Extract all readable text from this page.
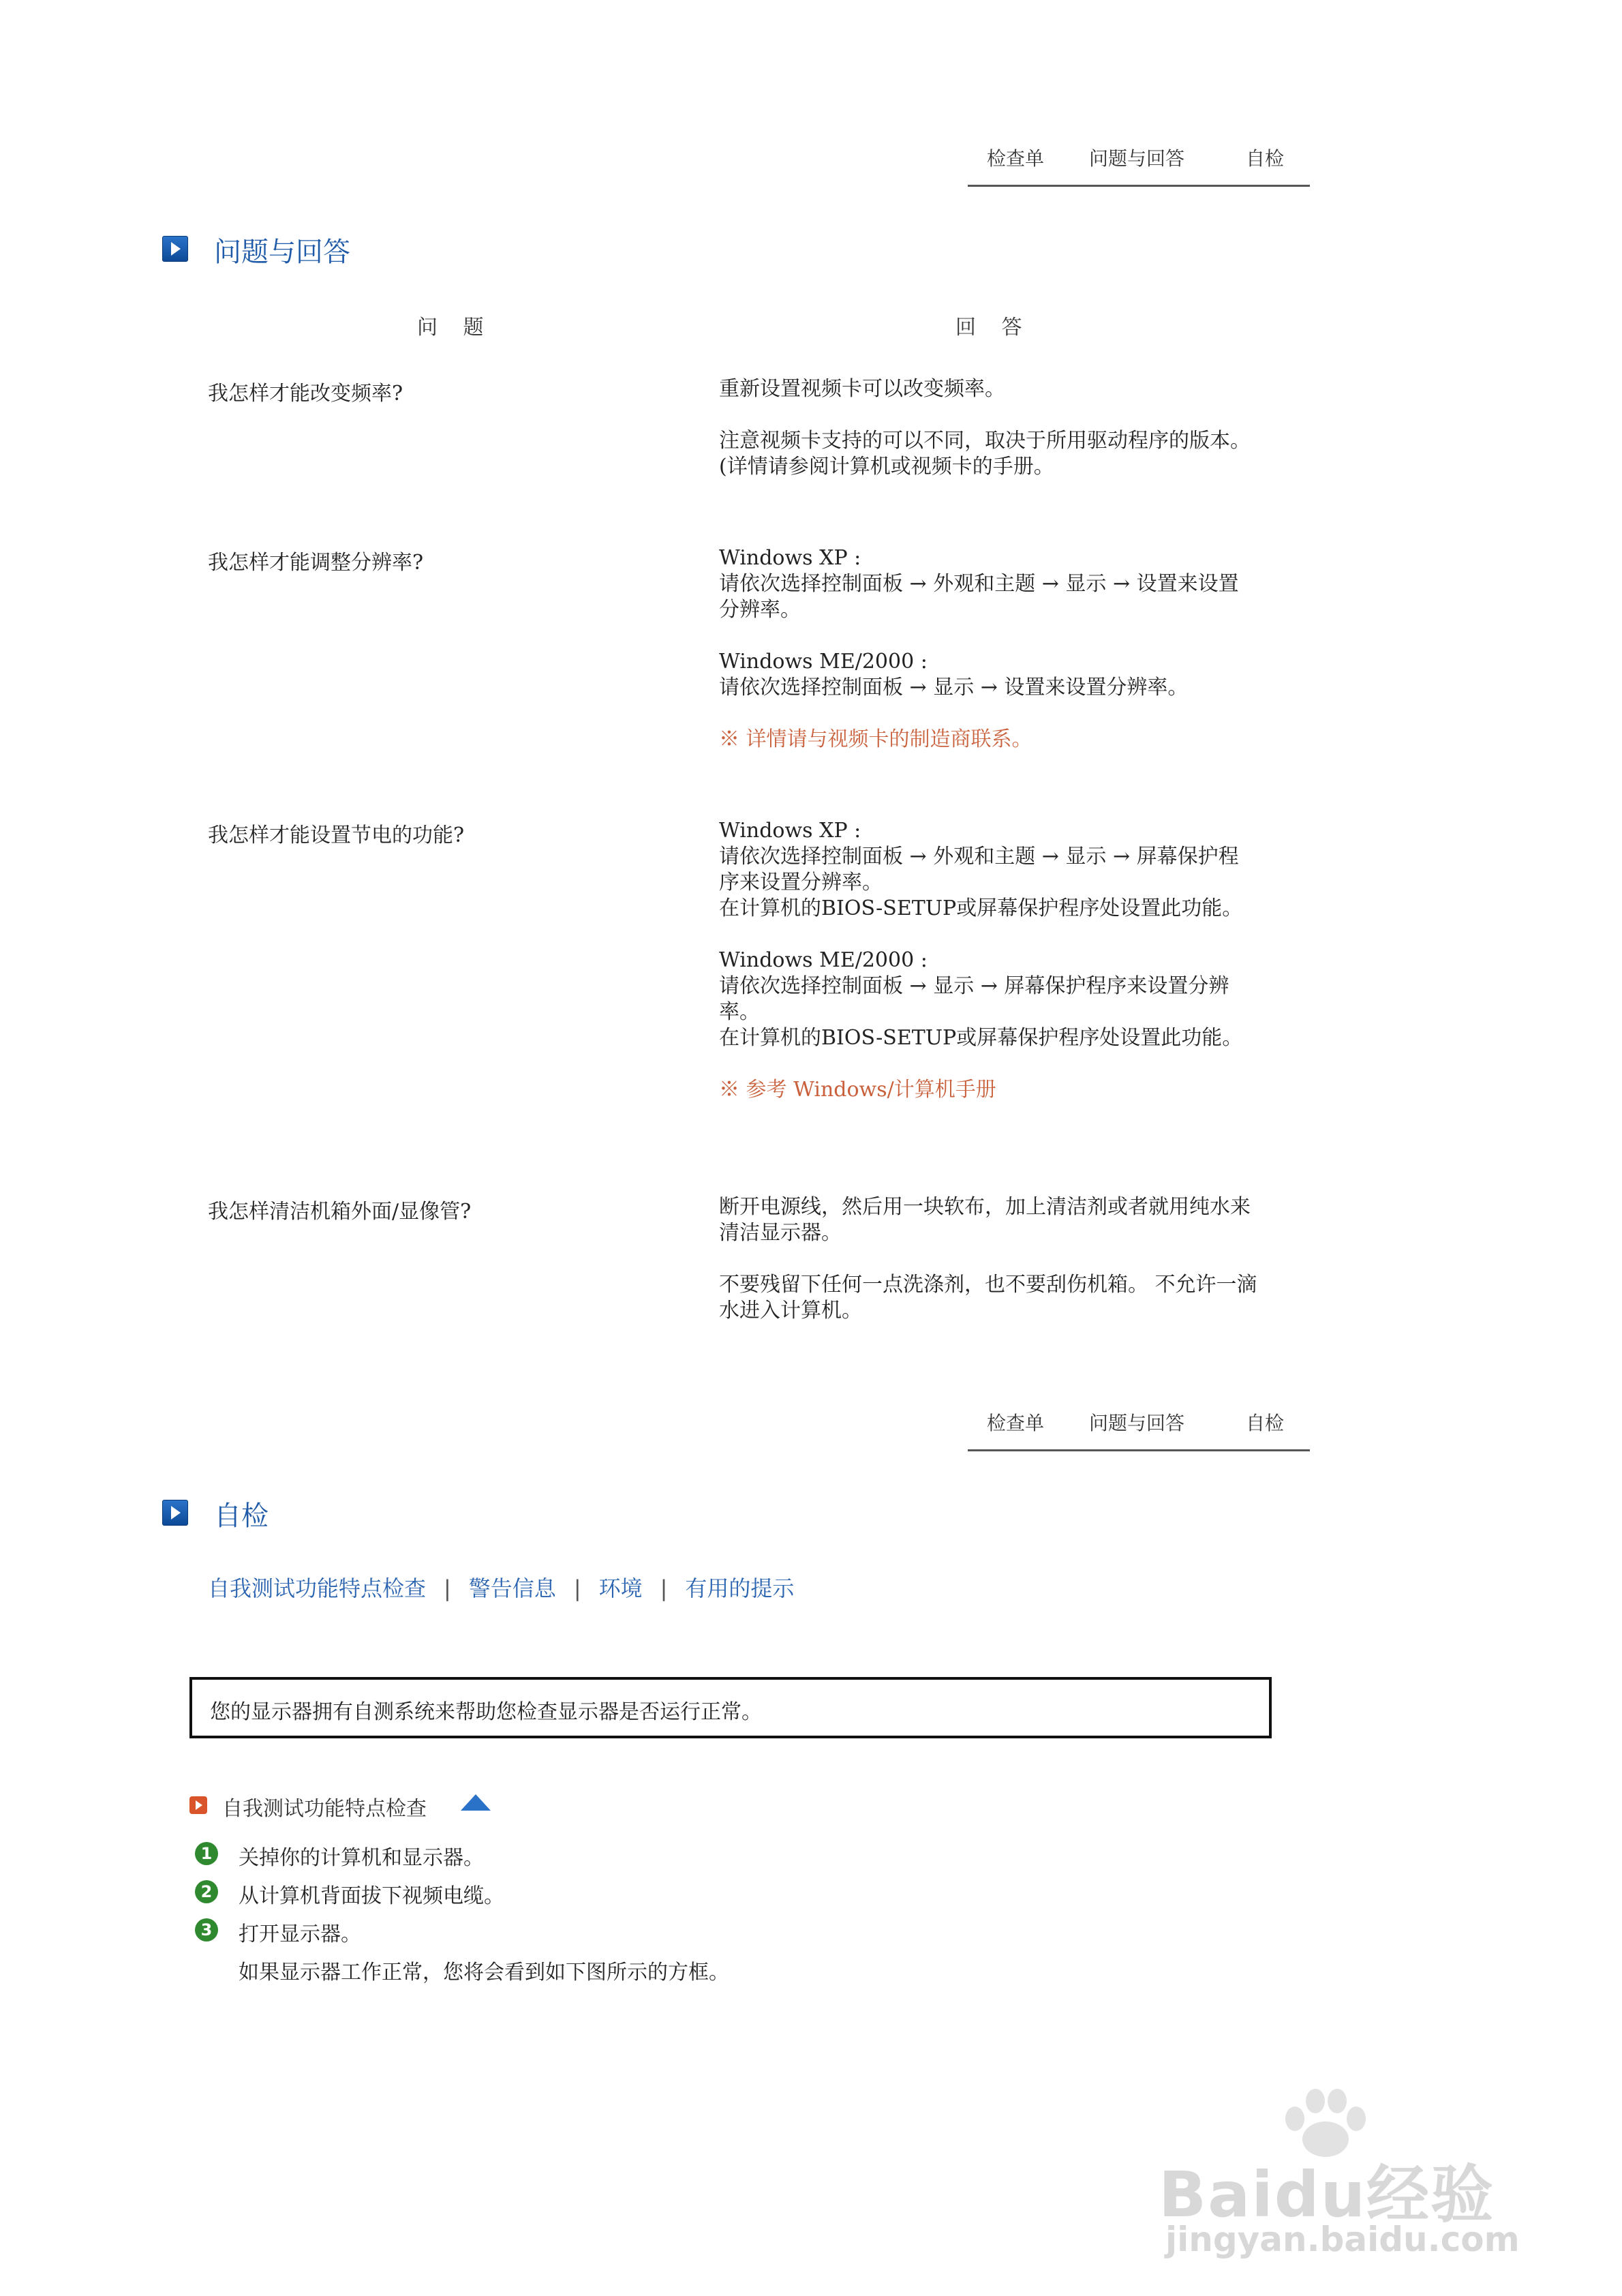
检查单 问题与回答	自检
问题与回答
问 题	回 答
我怎样才能改变频率?	重新设置视频卡可以改变频率。

注意视频卡支持的可以不同，取决于所用驱动程序的版本。

(详情请参阅计算机或视频卡的手册。

我怎样才能调整分辨率?	Windows XP :

请依次选择控制面板 → 外观和主题 → 显示 → 设置来设置分辨率。

Windows ME/2000 :

请依次选择控制面板 → 显示 → 设置来设置分辨率。

※ 详情请与视频卡的制造商联系。

我怎样才能设置节电的功能?	Windows XP :

请依次选择控制面板 → 外观和主题 → 显示 → 屏幕保护程序来设置分辨率。

在计算机的BIOS-SETUP或屏幕保护程序处设置此功能。

Windows ME/2000 :

请依次选择控制面板 → 显示 → 屏幕保护程序来设置分辨率。

在计算机的BIOS-SETUP或屏幕保护程序处设置此功能。

※ 参考 Windows/计算机手册

我怎样清洁机箱外面/显像管?	断开电源线，然后用一块软布，加上清洁剂或者就用纯水来清洁显示器。

不要残留下任何一点洗涤剂，也不要刮伤机箱。 不允许一滴水进入计算机。

检查单 问题与回答	自检
自检
自我测试功能特点检查 | 警告信息 | 环境 | 有用的提示
您的显示器拥有自测系统来帮助您检查显示器是否运行正常。
自我测试功能特点检查
1 关掉你的计算机和显示器。
2 从计算机背面拔下视频电缆。
3 打开显示器。
如果显示器工作正常，您将会看到如下图所示的方框。
Baidu经验
jingyan.baidu.com
